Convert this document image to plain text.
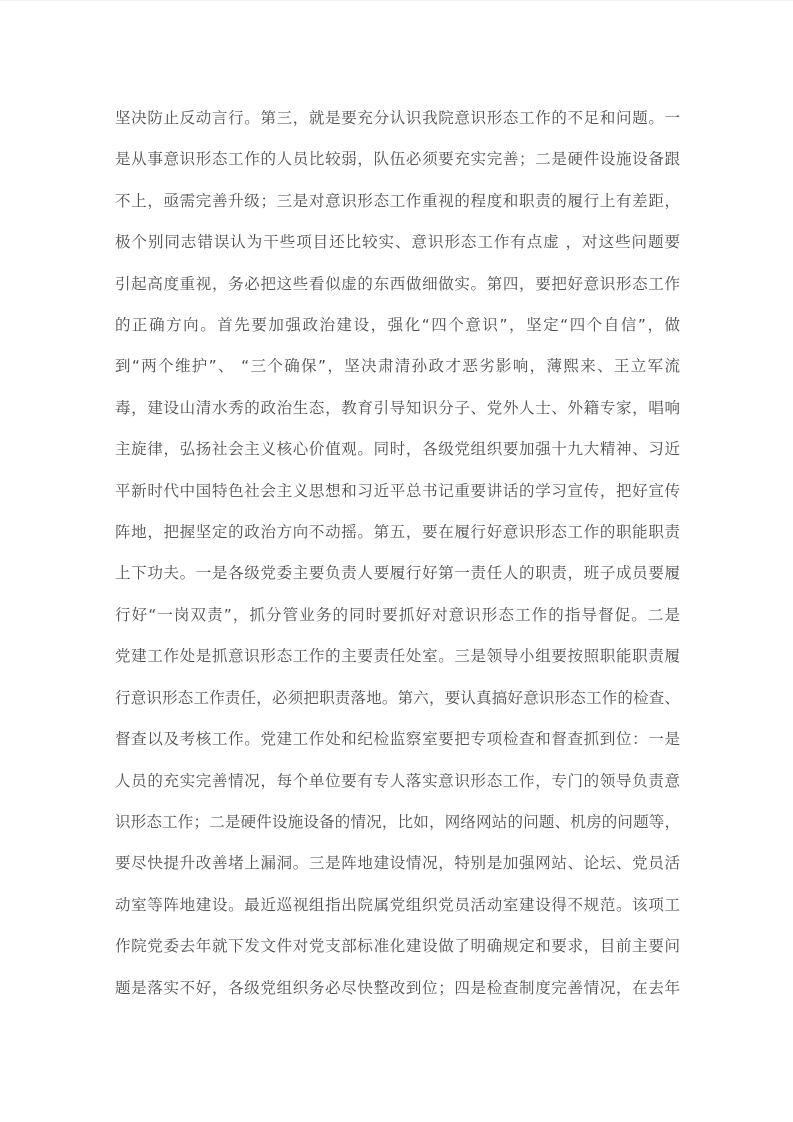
坚决防止反动言行。第三，就是要充分认识我院意识形态工作的不足和问题。一
是从事意识形态工作的人员比较弱，队伍必须要充实完善；二是硬件设施设备跟
不上，亟需完善升级；三是对意识形态工作重视的程度和职责的履行上有差距，
极个别同志错误认为干些项目还比较实、意识形态工作有点虚 ，对这些问题要
引起高度重视，务必把这些看似虚的东西做细做实。第四，要把好意识形态工作
的正确方向。首先要加强政治建设，强化“四个意识”，坚定“四个自信”，做
到“两个维护”、 “三个确保”，坚决肃清孙政才恶劣影响，薄熙来、王立军流
毒，建设山清水秀的政治生态，教育引导知识分子、党外人士、外籍专家，唱响
主旋律，弘扬社会主义核心价值观。同时，各级党组织要加强十九大精神、习近
平新时代中国特色社会主义思想和习近平总书记重要讲话的学习宣传，把好宣传
阵地，把握坚定的政治方向不动摇。第五，要在履行好意识形态工作的职能职责
上下功夫。一是各级党委主要负责人要履行好第一责任人的职责，班子成员要履
行好“一岗双责”，抓分管业务的同时要抓好对意识形态工作的指导督促。二是
党建工作处是抓意识形态工作的主要责任处室。三是领导小组要按照职能职责履
行意识形态工作责任，必须把职责落地。第六，要认真搞好意识形态工作的检查、
督查以及考核工作。党建工作处和纪检监察室要把专项检查和督查抓到位：一是
人员的充实完善情况，每个单位要有专人落实意识形态工作，专门的领导负责意
识形态工作；二是硬件设施设备的情况，比如，网络网站的问题、机房的问题等，
要尽快提升改善堵上漏洞。三是阵地建设情况，特别是加强网站、论坛、党员活
动室等阵地建设。最近巡视组指出院属党组织党员活动室建设得不规范。该项工
作院党委去年就下发文件对党支部标准化建设做了明确规定和要求，目前主要问
题是落实不好，各级党组织务必尽快整改到位；四是检查制度完善情况，在去年
